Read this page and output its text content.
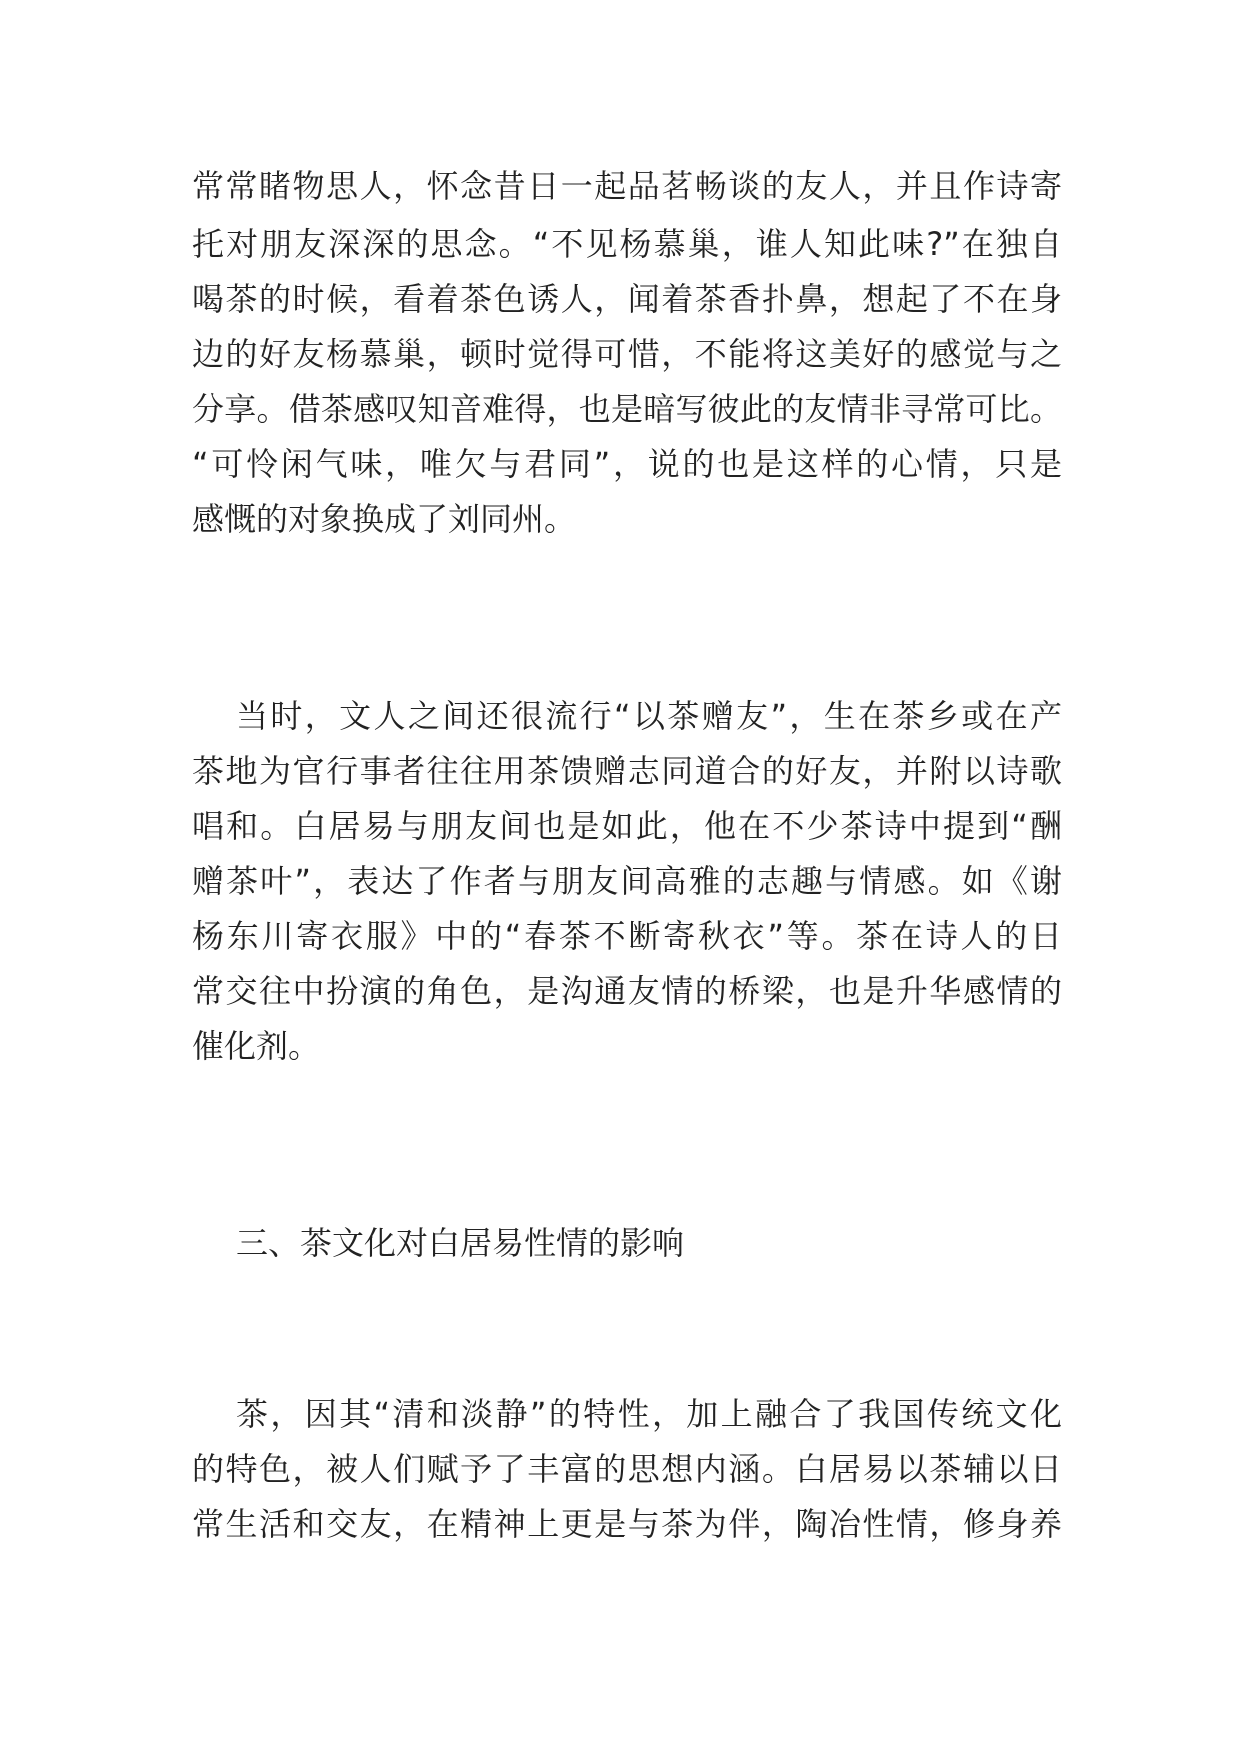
常常睹物思人，怀念昔日一起品茗畅谈的友人，并且作诗寄
托对朋友深深的思念。“不见杨慕巢，谁人知此味?”在独自
喝茶的时候，看着茶色诱人，闻着茶香扑鼻，想起了不在身
边的好友杨慕巢，顿时觉得可惜，不能将这美好的感觉与之
分享。借茶感叹知音难得，也是暗写彼此的友情非寻常可比。
“可怜闲气味，唯欠与君同”，说的也是这样的心情，只是
感慨的对象换成了刘同州。
当时，文人之间还很流行“以茶赠友”，生在茶乡或在产
茶地为官行事者往往用茶馈赠志同道合的好友，并附以诗歌
唱和。白居易与朋友间也是如此，他在不少茶诗中提到“酬
赠茶叶”，表达了作者与朋友间高雅的志趣与情感。如《谢
杨东川寄衣服》中的“春茶不断寄秋衣”等。茶在诗人的日
常交往中扮演的角色，是沟通友情的桥梁，也是升华感情的
催化剂。
三、茶文化对白居易性情的影响
茶，因其“清和淡静”的特性，加上融合了我国传统文化
的特色，被人们赋予了丰富的思想内涵。白居易以茶辅以日
常生活和交友，在精神上更是与茶为伴，陶冶性情，修身养
